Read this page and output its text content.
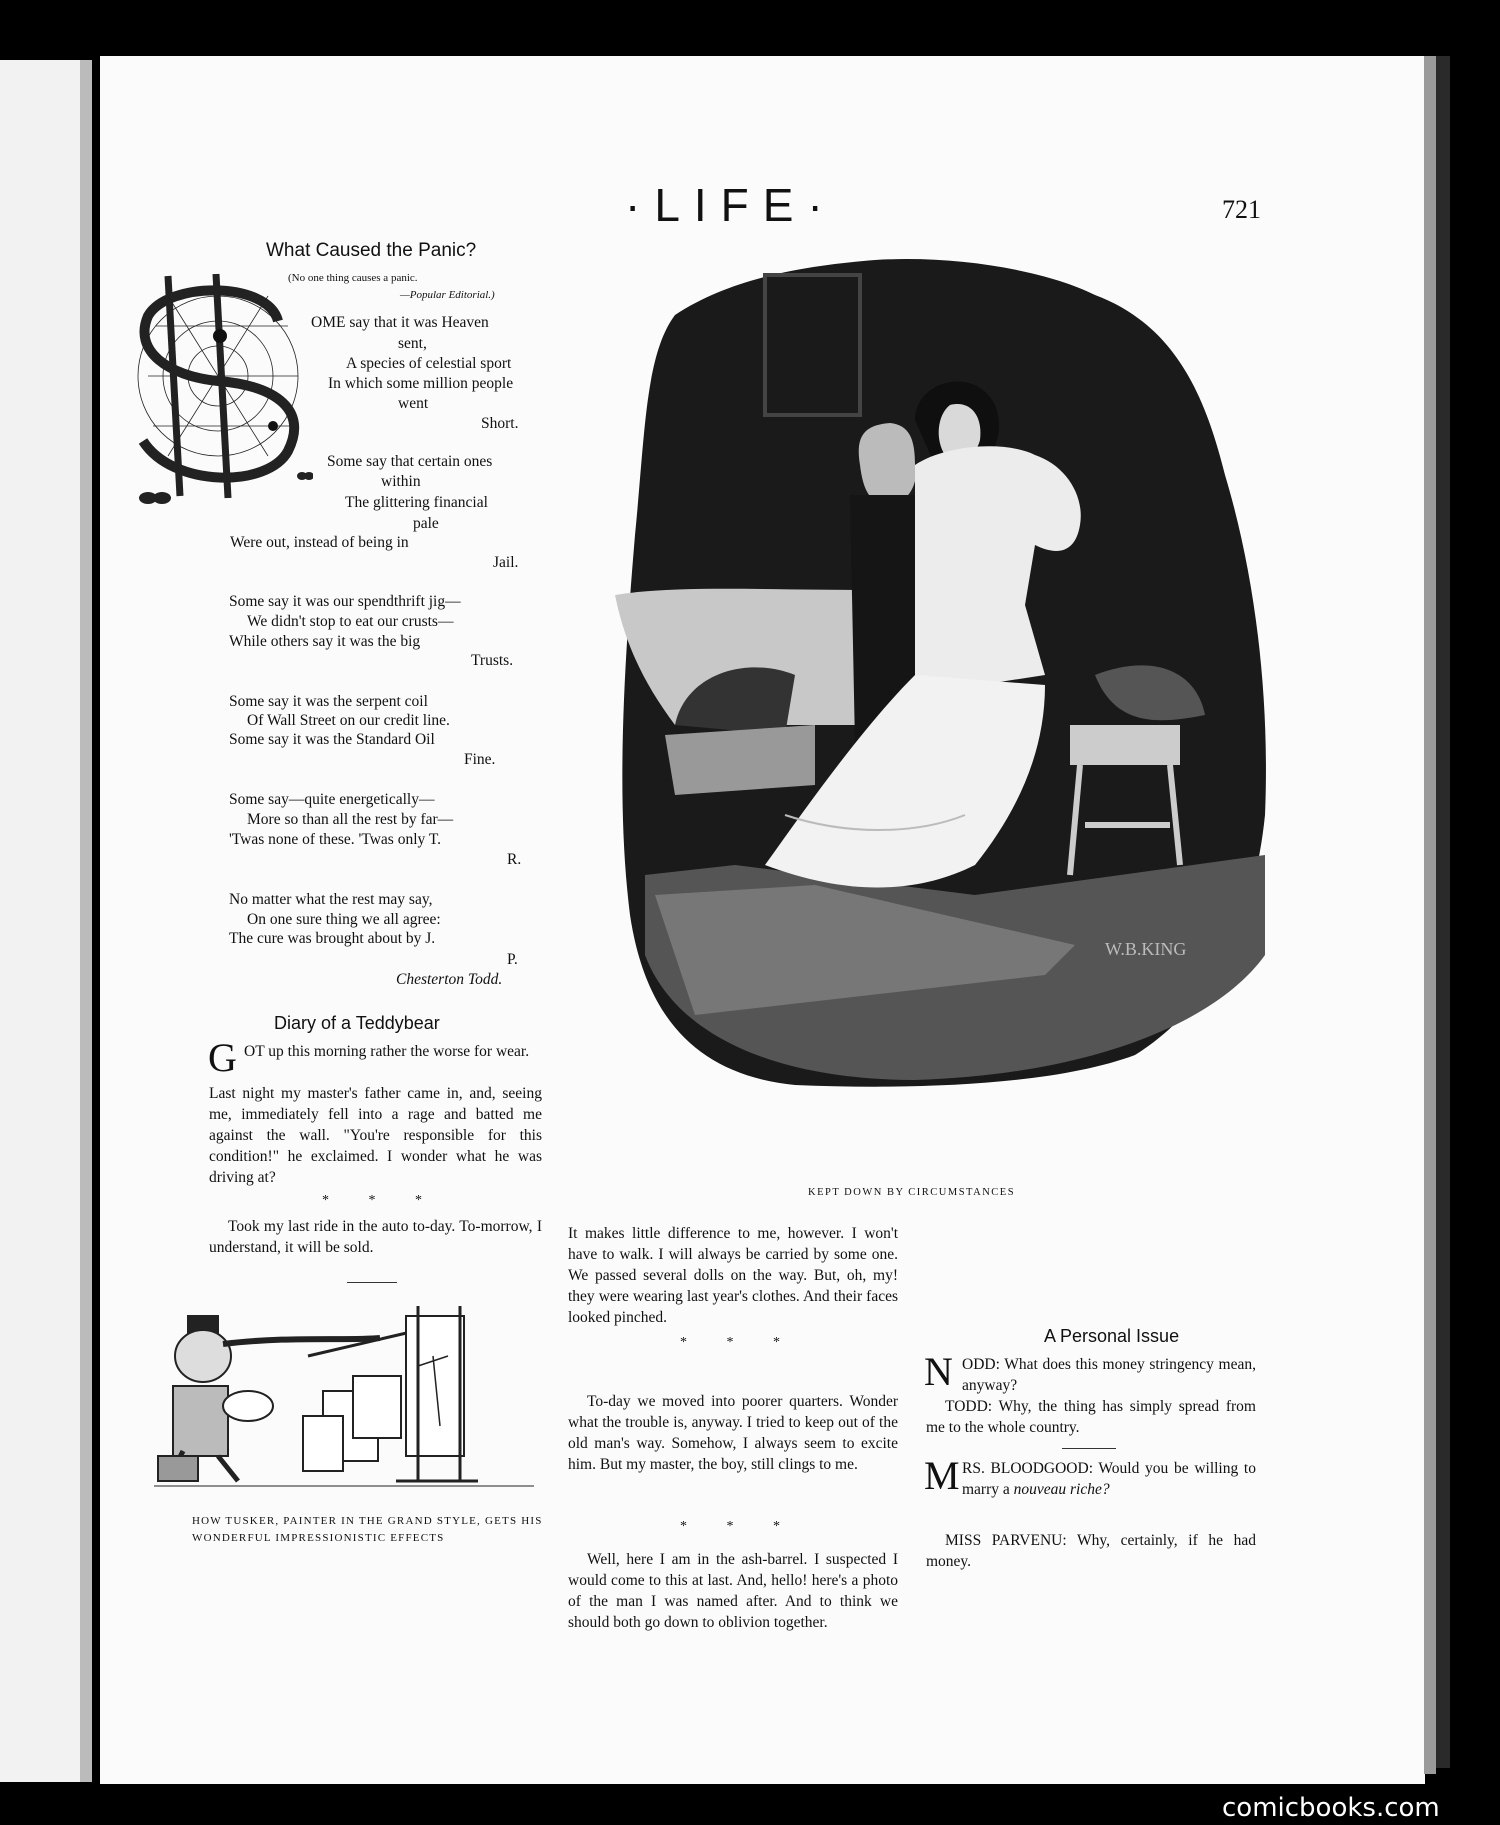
·LIFE·	721
What Caused the Panic?
(No one thing causes a panic.
—Popular Editorial.)
OME say that it was Heaven
sent,
A species of celestial sport
In which some million people
went
Short.
Some say that certain ones
within
The glittering financial
pale
Were out, instead of being in
Jail.
Some say it was our spendthrift jig—
We didn't stop to eat our crusts—
While others say it was the big
Trusts.
Some say it was the serpent coil
Of Wall Street on our credit line.
Some say it was the Standard Oil
Fine.
Some say—quite energetically—
More so than all the rest by far—
'Twas none of these. 'Twas only T.
R.
No matter what the rest may say,
On one sure thing we all agree:
The cure was brought about by J.
P.
Chesterton Todd.
Diary of a Teddybear
G OT up this morning rather the worse for wear.
Last night my master's father came in, and, seeing me, immediately fell into a rage and batted me against the wall. "You're responsible for this condition!" he exclaimed. I wonder what he was driving at?
* * *
Took my last ride in the auto to-day. To-morrow, I understand, it will be sold.
HOW TUSKER, PAINTER IN THE GRAND STYLE, GETS HIS WONDERFUL IMPRESSIONISTIC EFFECTS
W.B.KING
KEPT DOWN BY CIRCUMSTANCES
It makes little difference to me, however. I won't have to walk. I will always be carried by some one. We passed several dolls on the way. But, oh, my! they were wearing last year's clothes. And their faces looked pinched.
* * *
To-day we moved into poorer quarters. Wonder what the trouble is, anyway. I tried to keep out of the old man's way. Somehow, I always seem to excite him. But my master, the boy, still clings to me.
* * *
Well, here I am in the ash-barrel. I suspected I would come to this at last. And, hello! here's a photo of the man I was named after. And to think we should both go down to oblivion together.
A Personal Issue
N ODD: What does this money stringency mean, anyway?
TODD: Why, the thing has simply spread from me to the whole country.
M RS. BLOODGOOD: Would you be willing to marry a nouveau riche?
MISS PARVENU: Why, certainly, if he had money.
comicbooks.com
